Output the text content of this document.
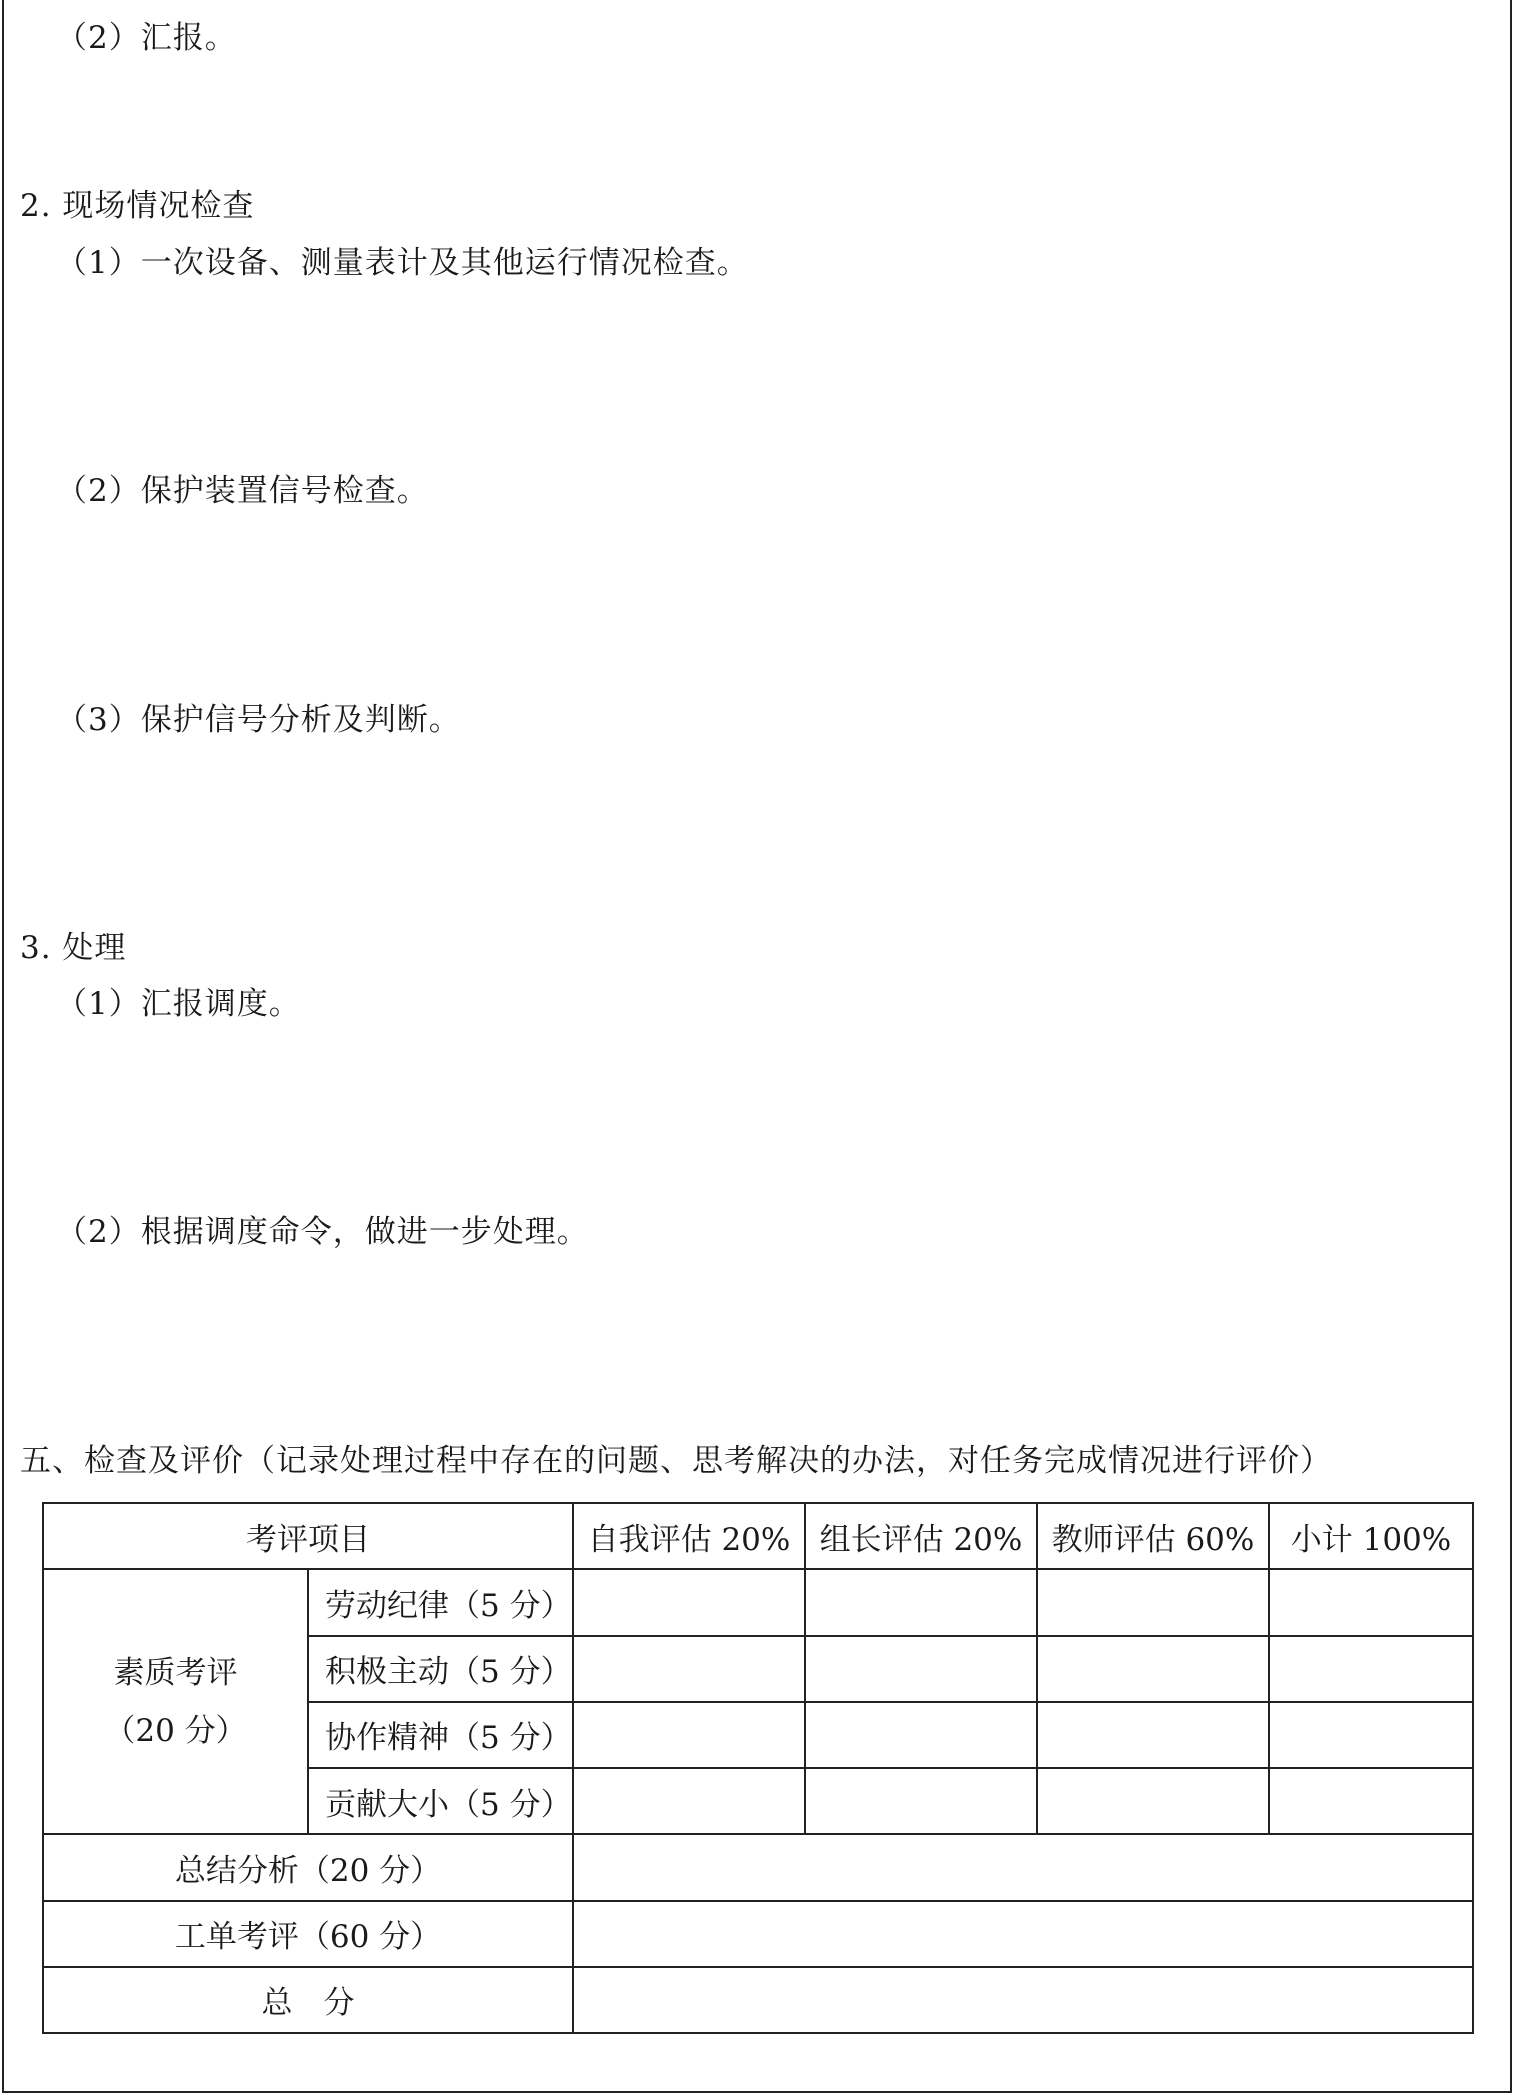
（2）汇报。
2. 现场情况检查
（1）一次设备、测量表计及其他运行情况检查。
（2）保护装置信号检查。
（3）保护信号分析及判断。
3. 处理
（1）汇报调度。
（2）根据调度命令，做进一步处理。
五、检查及评价（记录处理过程中存在的问题、思考解决的办法，对任务完成情况进行评价）
考评项目		自我评估 20%	组长评估 20%	教师评估 60%	小计 100%

素质考评
（20 分）	劳动纪律（5 分）				
	积极主动（5 分）				
	协作精神（5 分）				
	贡献大小（5 分）				
总结分析（20 分）					
工单考评（60 分）					
总　分					
